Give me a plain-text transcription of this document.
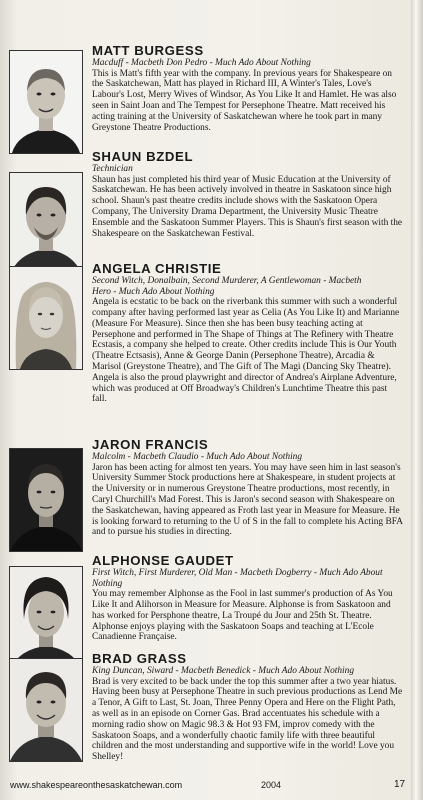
MATT BURGESS

Macduff - Macbeth Don Pedro - Much Ado About Nothing

This is Matt's fifth year with the company. In previous years for Shakespeare on the Saskatchewan, Matt has played in Richard III, A Winter's Tales, Love's Labour's Lost, Merry Wives of Windsor, As You Like It and Hamlet. He was also seen in Saint Joan and The Tempest for Persephone Theatre. Matt received his acting training at the University of Saskatchewan where he took part in many Greystone Theatre Productions.

SHAUN BZDEL

Technician

Shaun has just completed his third year of Music Education at the University of Saskatchewan. He has been actively involved in theatre in Saskatoon since high school. Shaun's past theatre credits include shows with the Saskatoon Opera Company, The University Drama Department, the University Music Theatre Ensemble and the Saskatoon Summer Players. This is Shaun's first season with the Shakespeare on the Saskatchewan Festival.

ANGELA CHRISTIE

Second Witch, Donalbain, Second Murderer, A Gentlewoman - Macbeth
Hero - Much Ado About Nothing

Angela is ecstatic to be back on the riverbank this summer with such a wonderful company after having performed last year as Celia (As You Like It) and Marianne (Measure For Measure). Since then she has been busy teaching acting at Persephone and performed in The Shape of Things at The Refinery with Theatre Ecstasis, a company she helped to create. Other credits include This is Our Youth (Theatre Ectsasis), Anne & George Danin (Persephone Theatre), Arcadia & Marisol (Greystone Theatre), and The Gift of The Magi (Dancing Sky Theatre). Angela is also the proud playwright and director of Andrea's Airplane Adventure, which was produced at Off Broadway's Children's Lunchtime Theatre this past fall.

JARON FRANCIS

Malcolm - Macbeth Claudio - Much Ado About Nothing

Jaron has been acting for almost ten years. You may have seen him in last season's University Summer Stock productions here at Shakespeare, in student projects at the University or in numerous Greystone Theatre productions, most recently, in Caryl Churchill's Mad Forest. This is Jaron's second season with Shakespeare on the Saskatchewan, having appeared as Froth last year in Measure for Measure. He is looking forward to returning to the U of S in the fall to complete his Acting BFA and to pursue his studies in directing.

ALPHONSE GAUDET

First Witch, First Murderer, Old Man - Macbeth Dogberry - Much Ado About Nothing

You may remember Alphonse as the Fool in last summer's production of As You Like It and Alihorson in Measure for Measure. Alphonse is from Saskatoon and has worked for Persphone theatre, La Troupé du Jour and 25th St. Theatre. Alphonse enjoys playing with the Saskatoon Soaps and teaching at L'Ecole Canadienne Française.

BRAD GRASS

King Duncan, Siward - Macbeth Benedick - Much Ado About Nothing

Brad is very excited to be back under the top this summer after a two year hiatus. Having been busy at Persephone Theatre in such previous productions as Lend Me a Tenor, A Gift to Last, St. Joan, Three Penny Opera and Here on the Flight Path, as well as in an episode on Corner Gas. Brad accentuates his schedule with a morning radio show on Magic 98.3 & Hot 93 FM, improv comedy with the Saskatoon Soaps, and a wonderfully chaotic family life with three beautiful children and the most understanding and supportive wife in the world! Love you Shelley!

www.shakespeareonthesaskatchewan.com	2004	17
